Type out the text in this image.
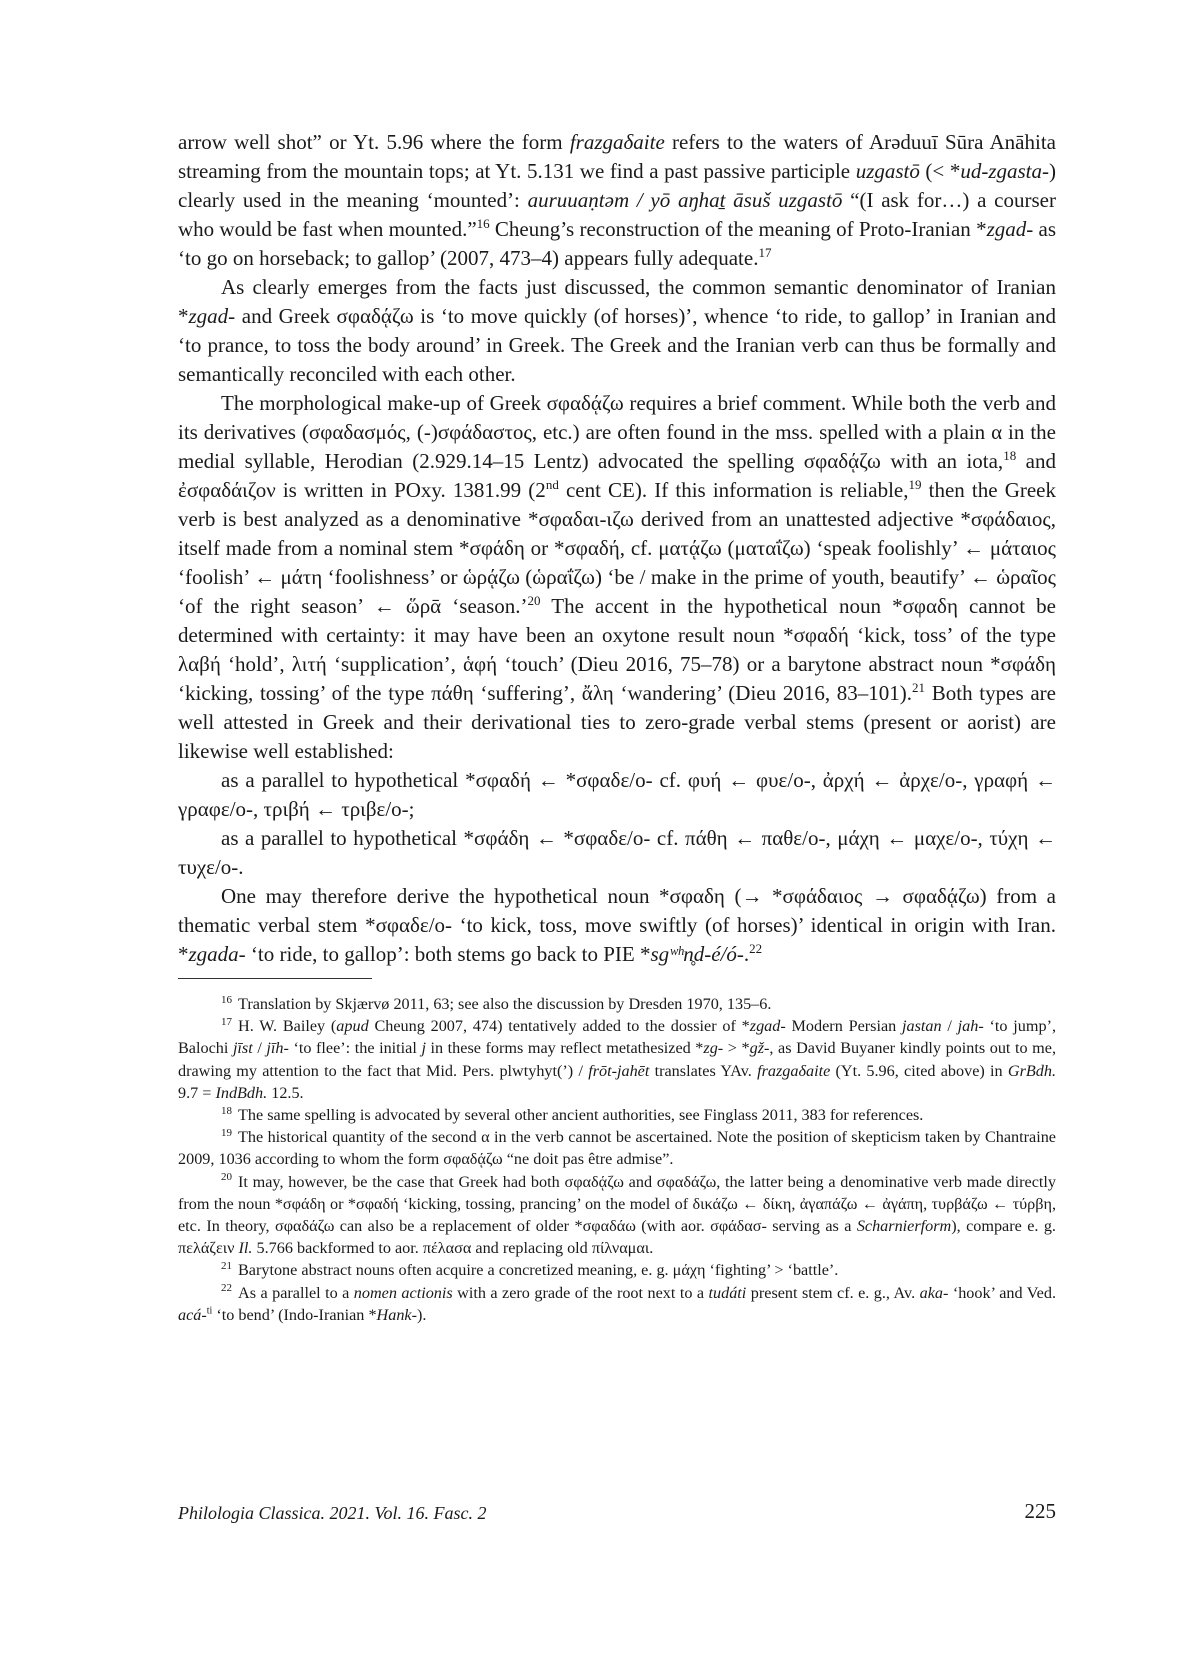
arrow well shot” or Yt. 5.96 where the form frazgaδaite refers to the waters of Arəduuī Sūra Anāhita streaming from the mountain tops; at Yt. 5.131 we find a past passive participle uzgastō (< *ud-zgasta-) clearly used in the meaning ‘mounted’: auruuaṇtəm / yō aŋhaṯ āsuš uzgastō “(I ask for…) a courser who would be fast when mounted.”$^{16}$ Cheung’s reconstruction of the meaning of Proto-Iranian *zgad- as ‘to go on horseback; to gallop’ (2007, 473–4) appears fully adequate.$^{17}$

As clearly emerges from the facts just discussed, the common semantic denominator of Iranian *zgad- and Greek σφαδᾴζω is ‘to move quickly (of horses)’, whence ‘to ride, to gallop’ in Iranian and ‘to prance, to toss the body around’ in Greek. The Greek and the Iranian verb can thus be formally and semantically reconciled with each other.

The morphological make-up of Greek σφαδᾴζω requires a brief comment. While both the verb and its derivatives (σφαδασμός, (-)σφάδαστος, etc.) are often found in the mss. spelled with a plain α in the medial syllable, Herodian (2.929.14–15 Lentz) advocated the spelling σφαδᾴζω with an iota,$^{18}$ and ἐσφαδάιζον is written in POxy. 1381.99 (2nd cent CE). If this information is reliable,$^{19}$ then the Greek verb is best analyzed as a denominative *σφαδαι-ιζω derived from an unattested adjective *σφάδαιος, itself made from a nominal stem *σφάδη or *σφαδή, cf. ματᾴζω (ματαΐζω) ‘speak foolishly’ ← μάταιος ‘foolish’ ← μάτη ‘foolishness’ or ὡρᾴζω (ὡραΐζω) ‘be / make in the prime of youth, beautify’ ← ὡραῖος ‘of the right season’ ← ὥρᾱ ‘season.’$^{20}$ The accent in the hypothetical noun *σφαδη cannot be determined with certainty: it may have been an oxytone result noun *σφαδή ‘kick, toss’ of the type λαβή ‘hold’, λιτή ‘supplication’, ἁφή ‘touch’ (Dieu 2016, 75–78) or a barytone abstract noun *σφάδη ‘kicking, tossing’ of the type πάθη ‘suffering’, ἄλη ‘wandering’ (Dieu 2016, 83–101).$^{21}$ Both types are well attested in Greek and their derivational ties to zero-grade verbal stems (present or aorist) are likewise well established:

as a parallel to hypothetical *σφαδή ← *σφαδε/ο- cf. φυή ← φυε/ο-, ἀρχή ← ἀρχε/ο-, γραφή ← γραφε/ο-, τριβή ← τριβε/ο-;

as a parallel to hypothetical *σφάδη ← *σφαδε/ο- cf. πάθη ← παθε/ο-, μάχη ← μαχε/ο-, τύχη ← τυχε/ο-.

One may therefore derive the hypothetical noun *σφαδη (→ *σφάδαιος → σφαδᾴζω) from a thematic verbal stem *σφαδε/ο- ‘to kick, toss, move swiftly (of horses)’ identical in origin with Iran. *zgada- ‘to ride, to gallop’: both stems go back to PIE *sgʷʰn̥d-é/ó-.$^{22}$

$^{16}$ Translation by Skjærvø 2011, 63; see also the discussion by Dresden 1970, 135–6.

$^{17}$ H. W. Bailey (apud Cheung 2007, 474) tentatively added to the dossier of *zgad- Modern Persian jastan / jah- ‘to jump’, Balochi jīst / jīh- ‘to flee’: the initial j in these forms may reflect metathesized *zg- > *gž-, as David Buyaner kindly points out to me, drawing my attention to the fact that Mid. Pers. plwtyhyt(’) / frōt-jahēt translates YAv. frazgaδaite (Yt. 5.96, cited above) in GrBdh. 9.7 = IndBdh. 12.5.

$^{18}$ The same spelling is advocated by several other ancient authorities, see Finglass 2011, 383 for references.

$^{19}$ The historical quantity of the second α in the verb cannot be ascertained. Note the position of skepticism taken by Chantraine 2009, 1036 according to whom the form σφαδᾴζω “ne doit pas être admise”.

$^{20}$ It may, however, be the case that Greek had both σφαδᾴζω and σφαδάζω, the latter being a denominative verb made directly from the noun *σφάδη or *σφαδή ‘kicking, tossing, prancing’ on the model of δικάζω ← δίκη, ἀγαπάζω ← ἀγάπη, τυρβάζω ← τύρβη, etc. In theory, σφαδάζω can also be a replacement of older *σφαδάω (with aor. σφάδασ- serving as a Scharnierform), compare e. g. πελάζειν Il. 5.766 backformed to aor. πέλασα and replacing old πίλναμαι.

$^{21}$ Barytone abstract nouns often acquire a concretized meaning, e. g. μάχη ‘fighting’ > ‘battle’.

$^{22}$ As a parallel to a nomen actionis with a zero grade of the root next to a tudáti present stem cf. e. g., Av. aka- ‘hook’ and Ved. acá-$^{ti}$ ‘to bend’ (Indo-Iranian *Hank-).

Philologia Classica. 2021. Vol. 16. Fasc. 2	225
